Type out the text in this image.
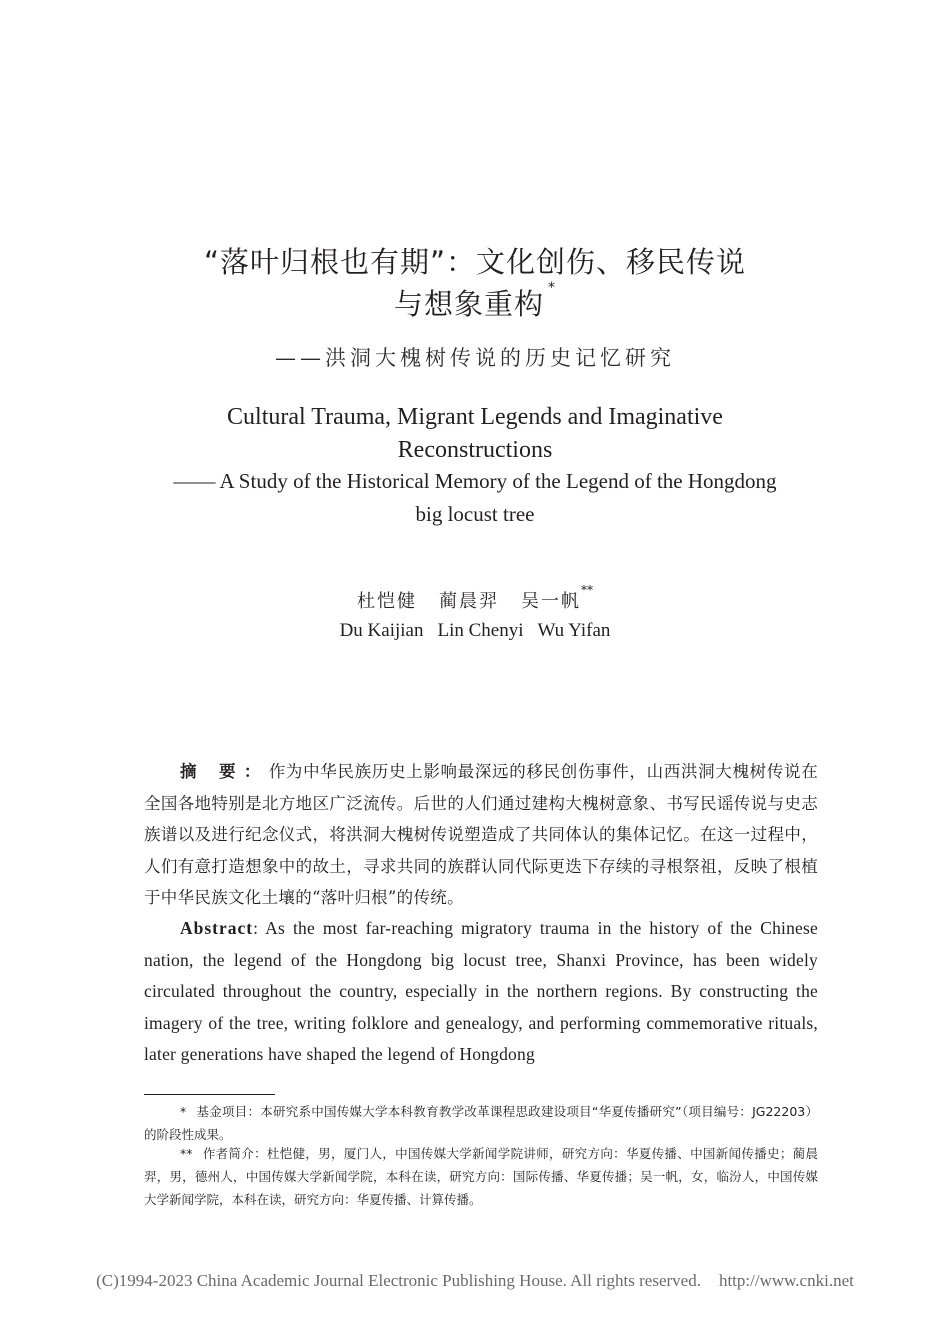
“落叶归根也有期”：文化创伤、移民传说
与想象重构 *
——洪洞大槐树传说的历史记忆研究
Cultural Trauma, Migrant Legends and Imaginative
Reconstructions
—— A Study of the Historical Memory of the Legend of the Hongdong
big locust tree
杜恺健 蔺晨羿 吴一帆**
Du Kaijian Lin Chenyi Wu Yifan
摘 要：作为中华民族历史上影响最深远的移民创伤事件，山西洪洞大槐树传说在全国各地特别是北方地区广泛流传。后世的人们通过建构大槐树意象、书写民谣传说与史志族谱以及进行纪念仪式，将洪洞大槐树传说塑造成了共同体认的集体记忆。在这一过程中，人们有意打造想象中的故土，寻求共同的族群认同代际更迭下存续的寻根祭祖，反映了根植于中华民族文化土壤的“落叶归根”的传统。
Abstract: As the most far-reaching migratory trauma in the history of the Chinese nation, the legend of the Hongdong big locust tree, Shanxi Province, has been widely circulated throughout the country, especially in the northern regions. By constructing the imagery of the tree, writing folklore and genealogy, and performing commemorative rituals, later generations have shaped the legend of Hongdong
* 基金项目：本研究系中国传媒大学本科教育教学改革课程思政建设项目“华夏传播研究”（项目编号：JG22203）的阶段性成果。
** 作者简介：杜恺健，男，厦门人，中国传媒大学新闻学院讲师，研究方向：华夏传播、中国新闻传播史；蔺晨羿，男，德州人，中国传媒大学新闻学院，本科在读，研究方向：国际传播、华夏传播；吴一帆，女，临汾人，中国传媒大学新闻学院，本科在读，研究方向：华夏传播、计算传播。
(C)1994-2023 China Academic Journal Electronic Publishing House. All rights reserved. http://www.cnki.net
